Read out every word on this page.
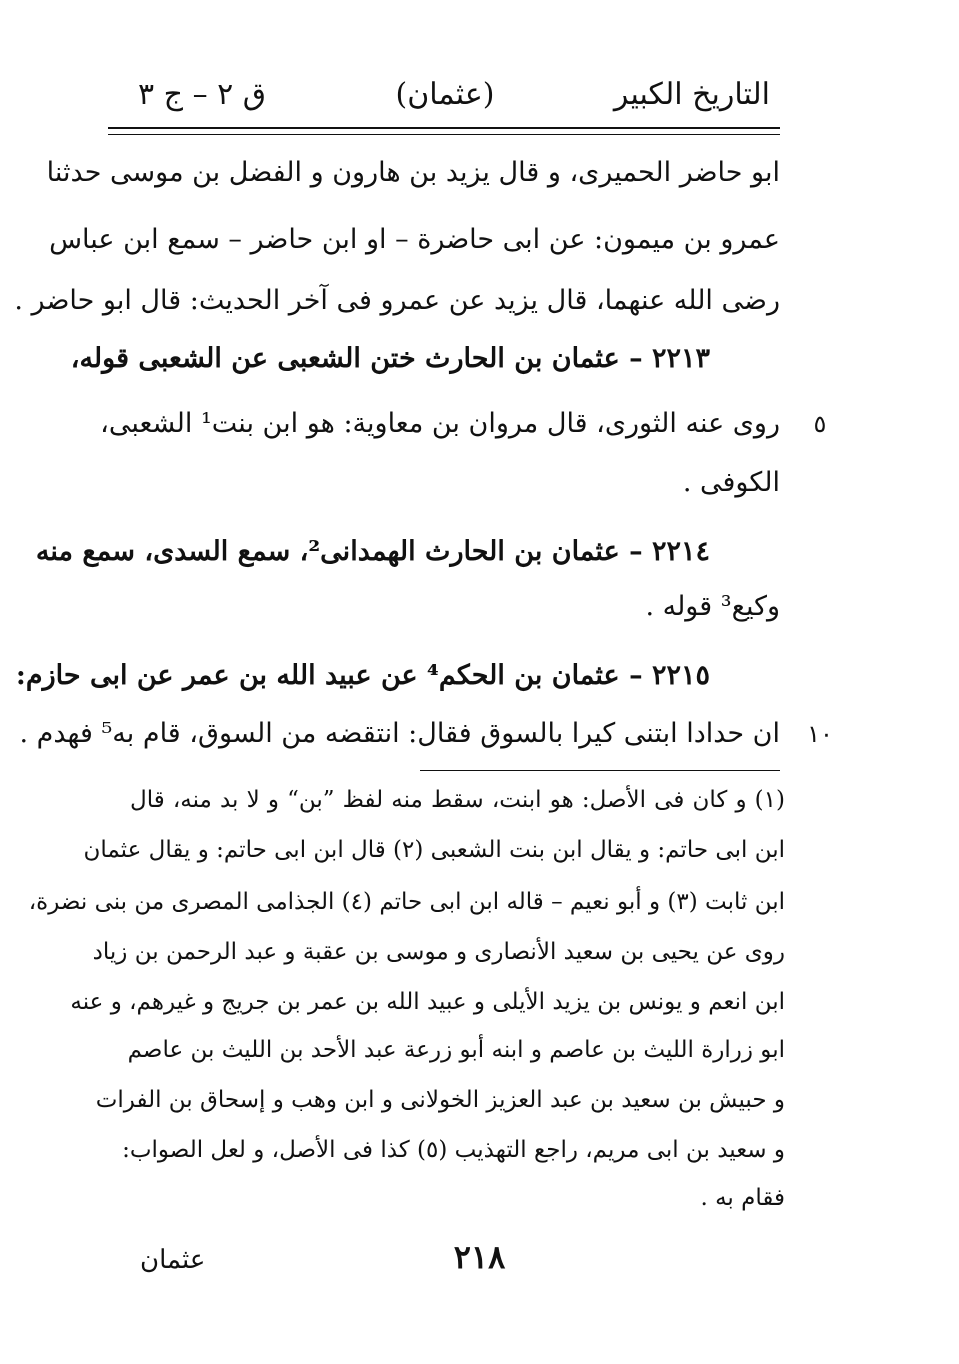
التاريخ الكبير
(عثمان)
ق ٢ – ج ٣
ابو حاضر الحميرى، و قال يزيد بن هارون و الفضل بن موسى حدثنا
عمرو بن ميمون: عن ابى حاضرة – او ابن حاضر – سمع ابن عباس
رضى الله عنهما، قال يزيد عن عمرو فى آخر الحديث: قال ابو حاضر .
٢٢١٣ – عثمان بن الحارث ختن الشعبى عن الشعبى قوله،
روى عنه الثورى، قال مروان بن معاوية: هو ابن بنت¹ الشعبى،	٥
الكوفى .
٢٢١٤ – عثمان بن الحارث الهمدانى²، سمع السدى، سمع منه
وكيع³ قوله .
٢٢١٥ – عثمان بن الحكم⁴ عن عبيد الله بن عمر عن ابى حازم:
ان حدادا ابتنى كيرا بالسوق فقال: انتقضه من السوق، قام به⁵ فهدم . ١٠
(١) و كان فى الأصل: هو ابنت، سقط منه لفظ ”بن“ و لا بد منه، قال
ابن ابى حاتم: و يقال ابن بنت الشعبى (٢) قال ابن ابى حاتم: و يقال عثمان
ابن ثابت (٣) و أبو نعيم – قاله ابن ابى حاتم (٤) الجذامى المصرى من بنى نضرة،
روى عن يحيى بن سعيد الأنصارى و موسى بن عقبة و عبد الرحمن بن زياد
ابن انعم و يونس بن يزيد الأيلى و عبيد الله بن عمر بن جريج و غيرهم، و عنه
ابو زرارة الليث بن عاصم و ابنه أبو زرعة عبد الأحد بن الليث بن عاصم
و حبيش بن سعيد بن عبد العزيز الخولانى و ابن وهب و إسحاق بن الفرات
و سعيد بن ابى مريم، راجع التهذيب (٥) كذا فى الأصل، و لعل الصواب:
فقام به .
٢١٨
عثمان
